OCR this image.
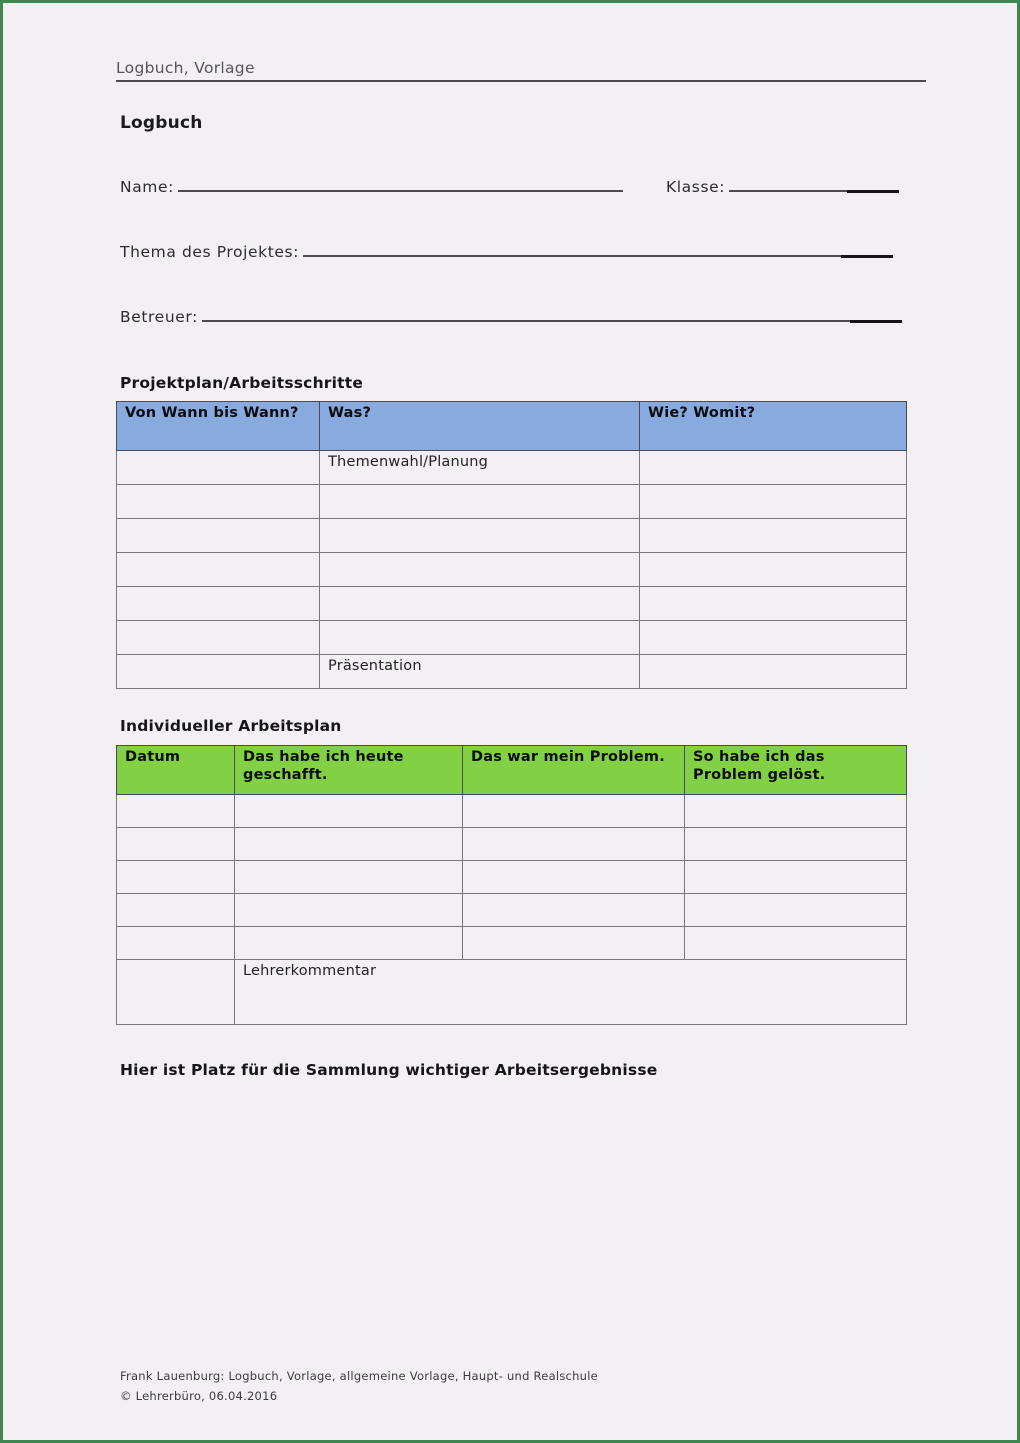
Logbuch, Vorlage
Logbuch
Name:	Klasse:
Thema des Projektes:
Betreuer:
Projektplan/Arbeitsschritte
Von Wann bis Wann?	Was?	Wie? Womit?
	Themenwahl/Planung	

	Präsentation	
Individueller Arbeitsplan
Datum	Das habe ich heute geschafft.	Das war mein Problem.	So habe ich das Problem gelöst.

	Lehrerkommentar		
Hier ist Platz für die Sammlung wichtiger Arbeitsergebnisse
Frank Lauenburg: Logbuch, Vorlage, allgemeine Vorlage, Haupt- und Realschule
© Lehrerbüro, 06.04.2016
